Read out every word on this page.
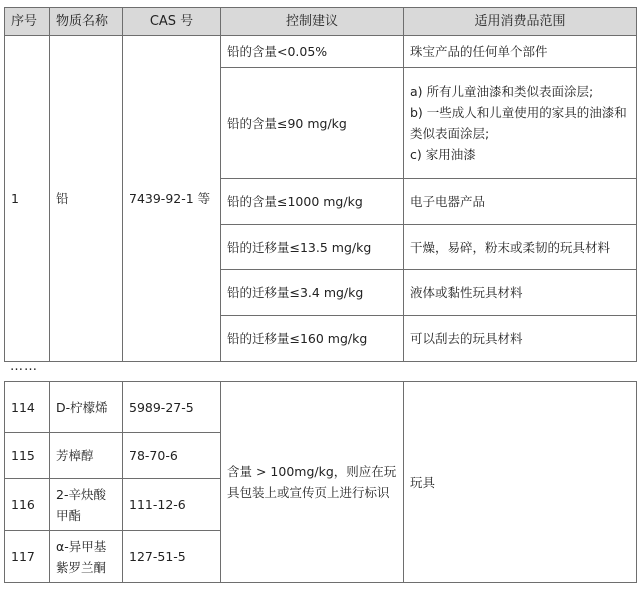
序号	物质名称	CAS 号	控制建议	适用消费品范围
1	铅	7439-92-1 等	铅的含量<0.05%	珠宝产品的任何单个部件
			铅的含量≤90 mg/kg	a) 所有儿童油漆和类似表面涂层;
b) 一些成人和儿童使用的家具的油漆和类似表面涂层;
c) 家用油漆

			铅的含量≤1000 mg/kg	电子电器产品
			铅的迁移量≤13.5 mg/kg	干燥，易碎，粉末或柔韧的玩具材料
			铅的迁移量≤3.4 mg/kg	液体或黏性玩具材料
			铅的迁移量≤160 mg/kg	可以刮去的玩具材料
……
114	D-柠檬烯	5989-27-5	含量 > 100mg/kg，则应在玩具包装上或宣传页上进行标识	玩具
115	芳樟醇	78-70-6		
116	2-辛炔酸甲酯	111-12-6		
117	α-异甲基紫罗兰酮	127-51-5		
